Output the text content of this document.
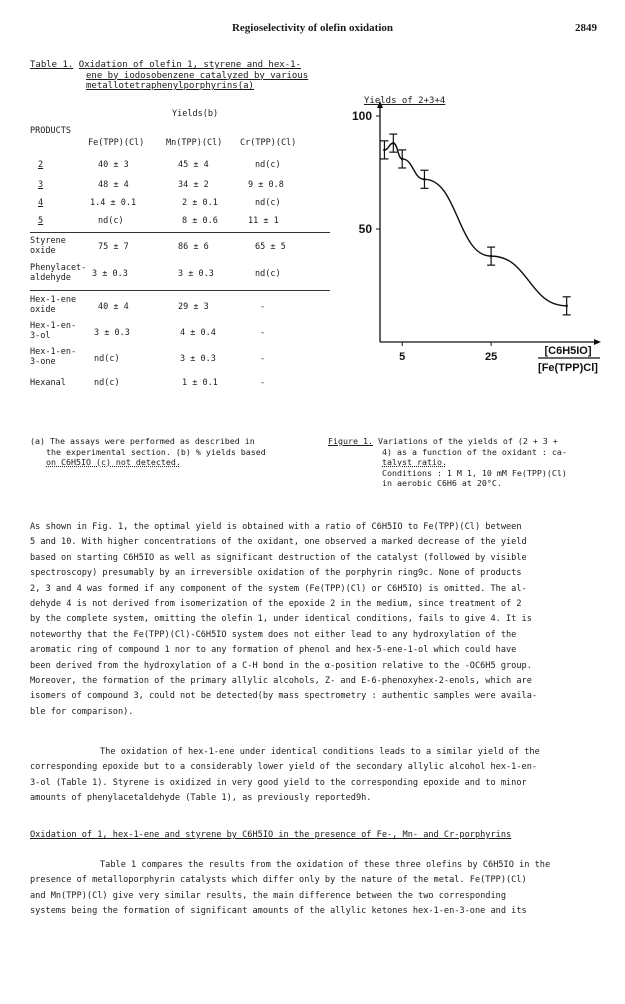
Regioselectivity of olefin oxidation	2849
Table 1. Oxidation of olefin 1, styrene and hex-1-
ene by iodosobenzene catalyzed by various
metallotetraphenylporphyrins(a)
Yields(b)
PRODUCTS
Fe(TPP)(Cl)	Mn(TPP)(Cl) Cr(TPP)(Cl)
2	40 ± 3	45 ± 4	nd(c)
3	48 ± 4	34 ± 2	9 ± 0.8
4	1.4 ± 0.1	2 ± 0.1	nd(c)
5	nd(c)	8 ± 0.6	11 ± 1
Styrene oxide	75 ± 7	86 ± 6	65 ± 5
Phenylacet- aldehyde	3 ± 0.3	3 ± 0.3	nd(c)
Hex-1-ene oxide	40 ± 4	29 ± 3	-
Hex-1-en- 3-ol	3 ± 0.3	4 ± 0.4	-
Hex-1-en- 3-one	nd(c)	3 ± 0.3	-
Hexanal	nd(c)	1 ± 0.1	-
(a) The assays were performed as described in
the experimental section. (b) % yields based
on C6H5IO (c) not detected.
50
100
5	25	[C6H5IO]
[Fe(TPP)Cl]
Yields of 2+3+4
Figure 1. Variations of the yields of (2 + 3 +
4) as a function of the oxidant : ca-
talyst ratio.
Conditions : 1 M 1, 10 mM Fe(TPP)(Cl)
in aerobic C6H6 at 20°C.

As shown in Fig. 1, the optimal yield is obtained with a ratio of C6H5IO to Fe(TPP)(Cl) between

5 and 10. With higher concentrations of the oxidant, one observed a marked decrease of the yield

based on starting C6H5IO as well as significant destruction of the catalyst (followed by visible

spectroscopy) presumably by an irreversible oxidation of the porphyrin ring9c. None of products

2, 3 and 4 was formed if any component of the system (Fe(TPP)(Cl) or C6H5IO) is omitted. The al-

dehyde 4 is not derived from isomerization of the epoxide 2 in the medium, since treatment of 2

by the complete system, omitting the olefin 1, under identical conditions, fails to give 4. It is

noteworthy that the Fe(TPP)(Cl)-C6H5IO system does not either lead to any hydroxylation of the

aromatic ring of compound 1 nor to any formation of phenol and hex-5-ene-1-ol which could have

been derived from the hydroxylation of a C-H bond in the α-position relative to the -OC6H5 group.

Moreover, the formation of the primary allylic alcohols, Z- and E-6-phenoxyhex-2-enols, which are

isomers of compound 3, could not be detected(by mass spectrometry : authentic samples were availa-

ble for comparison).

The oxidation of hex-1-ene under identical conditions leads to a similar yield of the

corresponding epoxide but to a considerably lower yield of the secondary allylic alcohol hex-1-en-

3-ol (Table 1). Styrene is oxidized in very good yield to the corresponding epoxide and to minor

amounts of phenylacetaldehyde (Table 1), as previously reported9h.

Oxidation of 1, hex-1-ene and styrene by C6H5IO in the presence of Fe-, Mn- and Cr-porphyrins

Table 1 compares the results from the oxidation of these three olefins by C6H5IO in the

presence of metalloporphyrin catalysts which differ only by the nature of the metal. Fe(TPP)(Cl)

and Mn(TPP)(Cl) give very similar results, the main difference between the two corresponding

systems being the formation of significant amounts of the allylic ketones hex-1-en-3-one and its
